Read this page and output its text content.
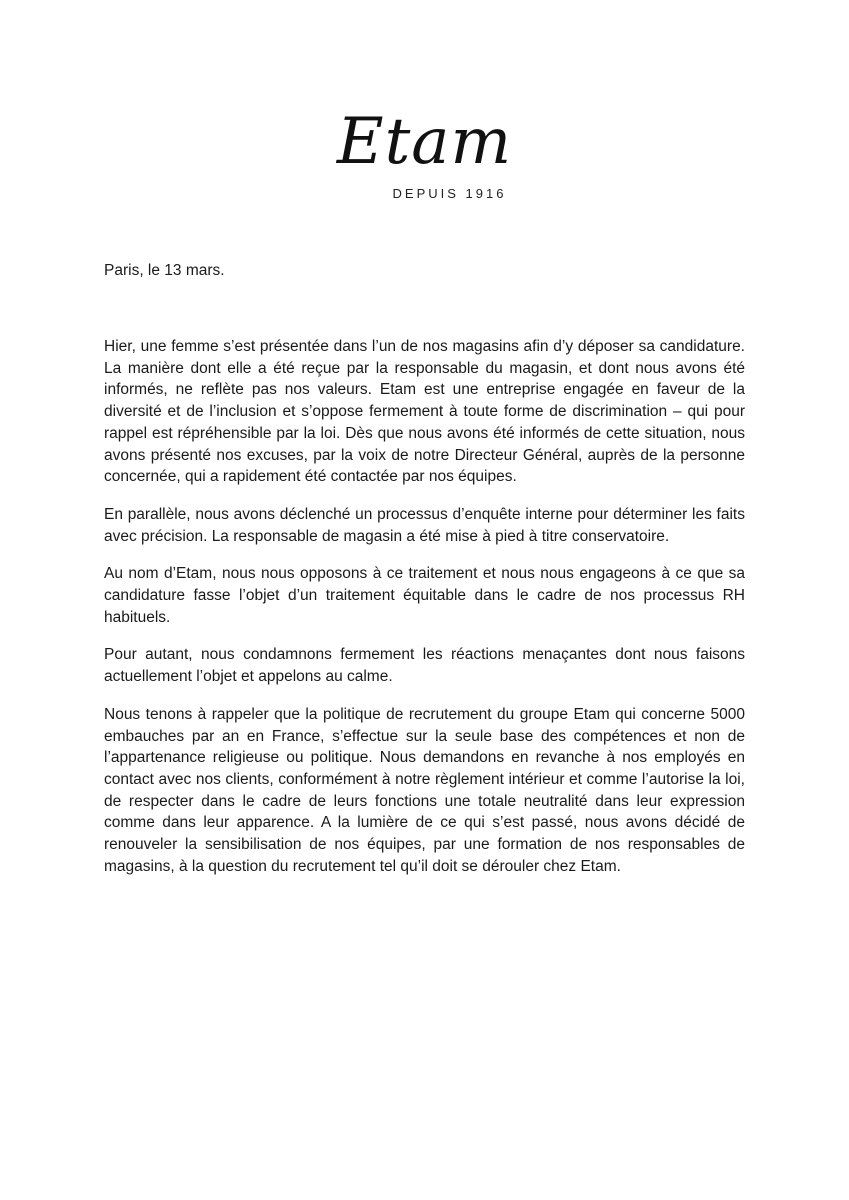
Etam
DEPUIS 1916
Paris, le 13 mars.

Hier, une femme s’est présentée dans l’un de nos magasins afin d’y déposer sa candidature. La manière dont elle a été reçue par la responsable du magasin, et dont nous avons été informés, ne reflète pas nos valeurs. Etam est une entreprise engagée en faveur de la diversité et de l’inclusion et s’oppose fermement à toute forme de discrimination – qui pour rappel est répréhensible par la loi. Dès que nous avons été informés de cette situation, nous avons présenté nos excuses, par la voix de notre Directeur Général, auprès de la personne concernée, qui a rapidement été contactée par nos équipes.

En parallèle, nous avons déclenché un processus d’enquête interne pour déterminer les faits avec précision. La responsable de magasin a été mise à pied à titre conservatoire.

Au nom d’Etam, nous nous opposons à ce traitement et nous nous engageons à ce que sa candidature fasse l’objet d’un traitement équitable dans le cadre de nos processus RH habituels.

Pour autant, nous condamnons fermement les réactions menaçantes dont nous faisons actuellement l’objet et appelons au calme.

Nous tenons à rappeler que la politique de recrutement du groupe Etam qui concerne 5000 embauches par an en France, s’effectue sur la seule base des compétences et non de l’appartenance religieuse ou politique. Nous demandons en revanche à nos employés en contact avec nos clients, conformément à notre règlement intérieur et comme l’autorise la loi, de respecter dans le cadre de leurs fonctions une totale neutralité dans leur expression comme dans leur apparence. A la lumière de ce qui s’est passé, nous avons décidé de renouveler la sensibilisation de nos équipes, par une formation de nos responsables de magasins, à la question du recrutement tel qu’il doit se dérouler chez Etam.
